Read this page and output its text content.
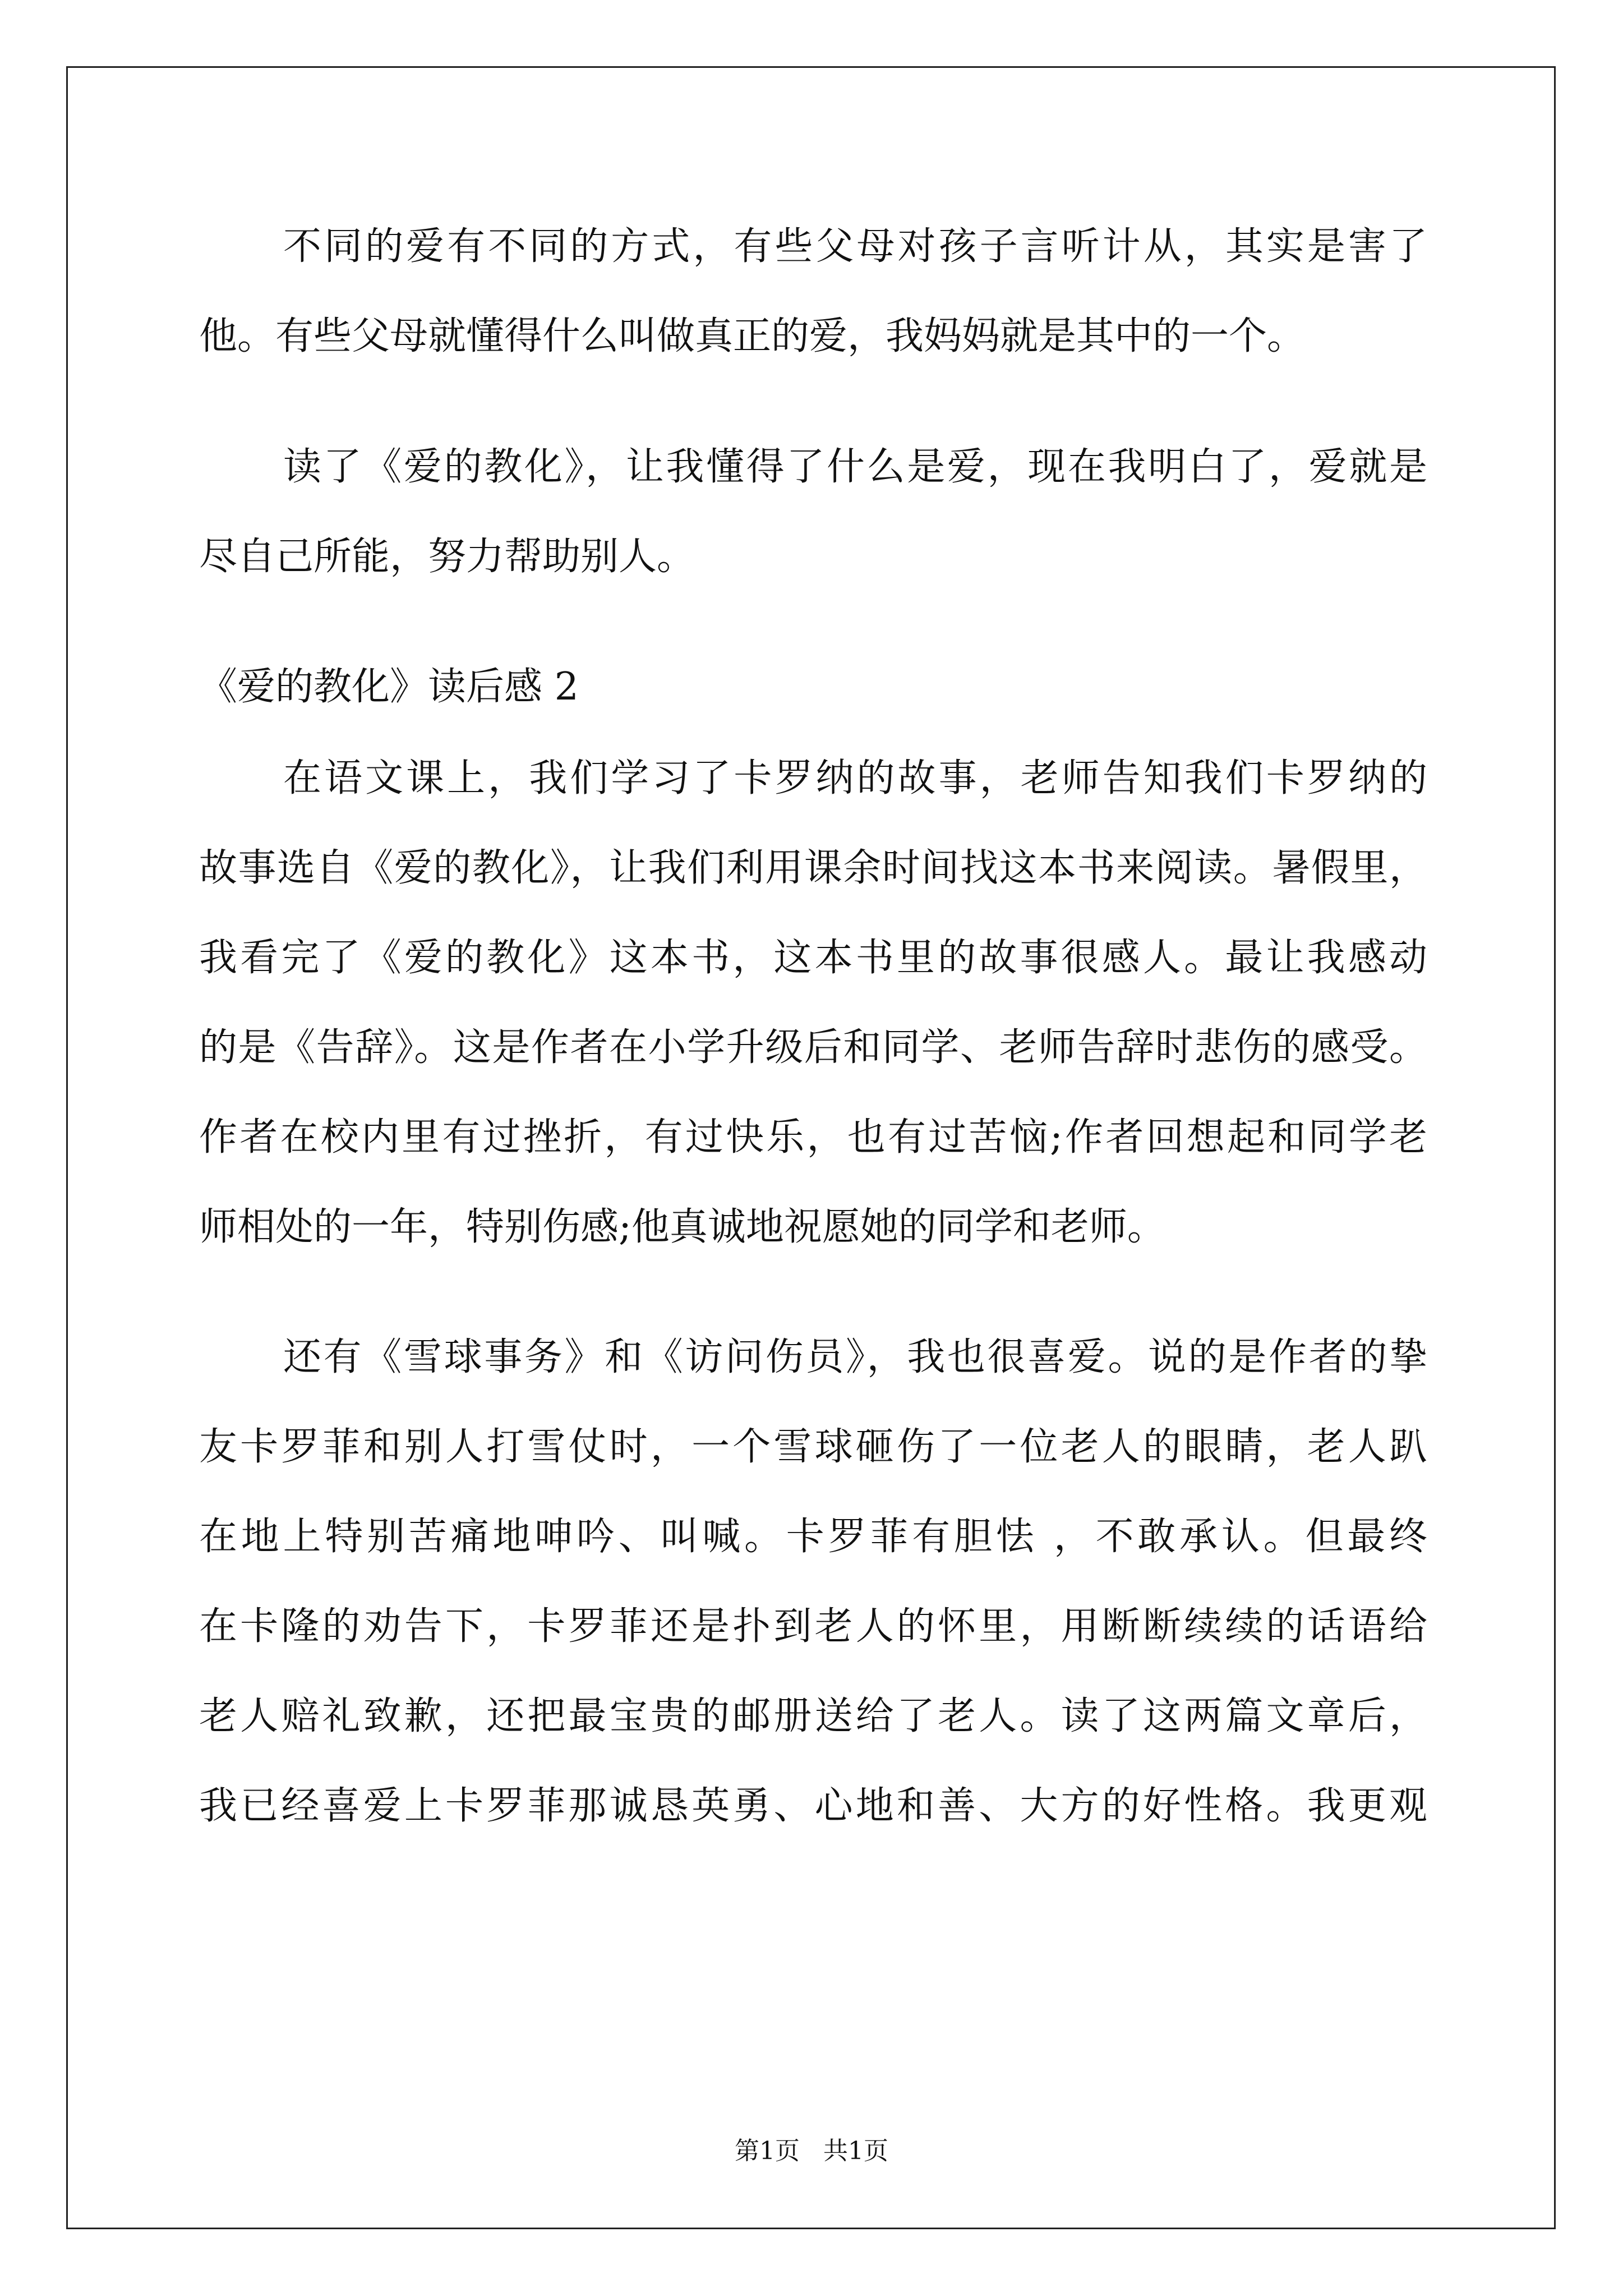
不同的爱有不同的方式，有些父母对孩子言听计从，其实是害了
他。有些父母就懂得什么叫做真正的爱，我妈妈就是其中的一个。
读了《爱的教化》，让我懂得了什么是爱，现在我明白了，爱就是
尽自己所能，努力帮助别人。
《爱的教化》读后感 2
在语文课上，我们学习了卡罗纳的故事，老师告知我们卡罗纳的
故事选自《爱的教化》，让我们利用课余时间找这本书来阅读。暑假里，
我看完了《爱的教化》这本书，这本书里的故事很感人。最让我感动
的是《告辞》。这是作者在小学升级后和同学、老师告辞时悲伤的感受。
作者在校内里有过挫折，有过快乐，也有过苦恼;作者回想起和同学老
师相处的一年，特别伤感;他真诚地祝愿她的同学和老师。
还有《雪球事务》和《访问伤员》，我也很喜爱。说的是作者的挚
友卡罗菲和别人打雪仗时，一个雪球砸伤了一位老人的眼睛，老人趴
在地上特别苦痛地呻吟、叫喊。卡罗菲有胆怯 ，不敢承认。但最终
在卡隆的劝告下，卡罗菲还是扑到老人的怀里，用断断续续的话语给
老人赔礼致歉，还把最宝贵的邮册送给了老人。读了这两篇文章后，
我已经喜爱上卡罗菲那诚恳英勇、心地和善、大方的好性格。我更观
第1页   共1页
